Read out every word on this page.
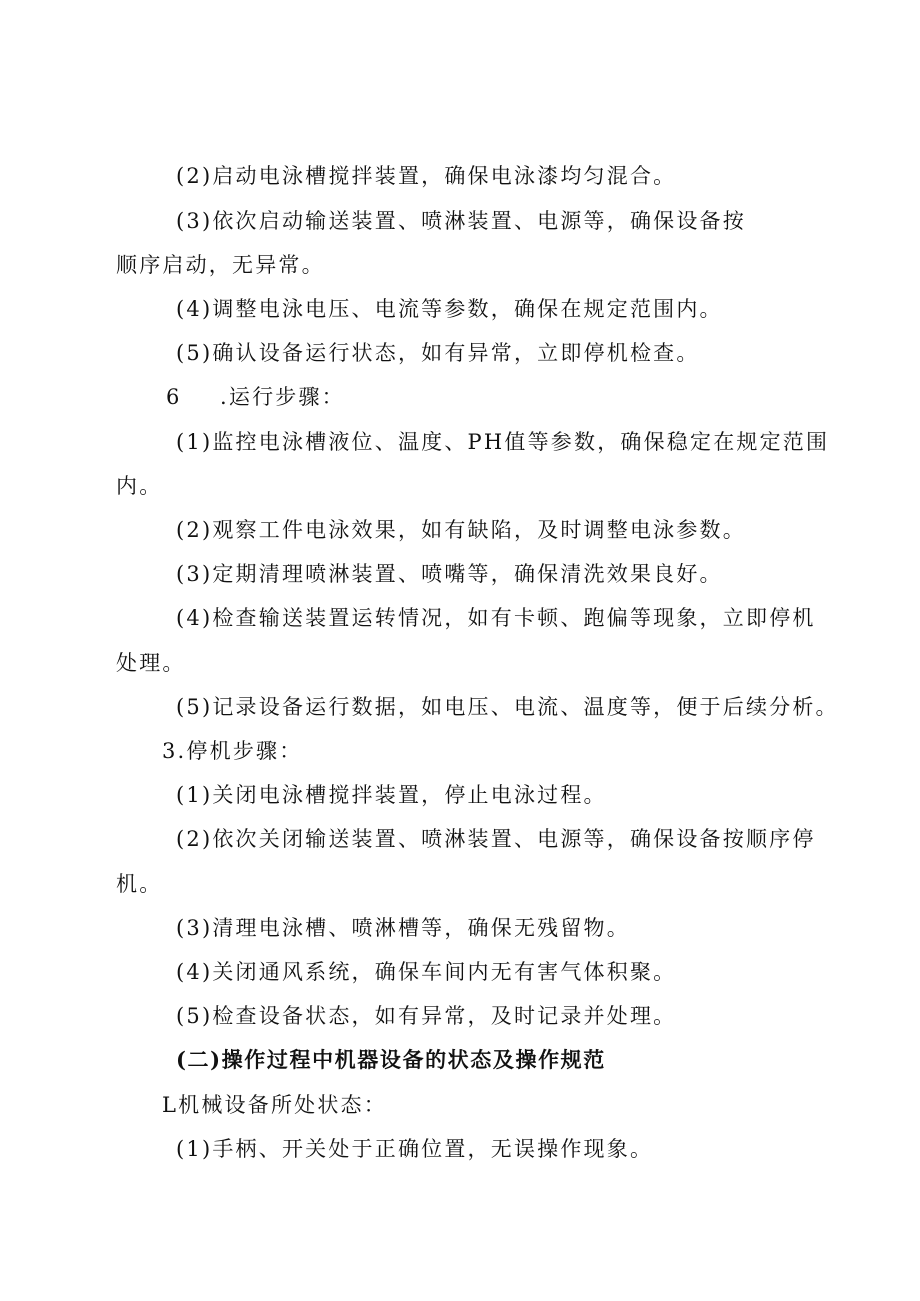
(2)启动电泳槽搅拌装置，确保电泳漆均匀混合。
(3)依次启动输送装置、喷淋装置、电源等，确保设备按
顺序启动，无异常。
(4)调整电泳电压、电流等参数，确保在规定范围内。
(5)确认设备运行状态，如有异常，立即停机检查。
6 .运行步骤：
(1)监控电泳槽液位、温度、PH值等参数，确保稳定在规定范围
内。
(2)观察工件电泳效果，如有缺陷，及时调整电泳参数。
(3)定期清理喷淋装置、喷嘴等，确保清洗效果良好。
(4)检查输送装置运转情况，如有卡顿、跑偏等现象，立即停机
处理。
(5)记录设备运行数据，如电压、电流、温度等，便于后续分析。
3.停机步骤：
(1)关闭电泳槽搅拌装置，停止电泳过程。
(2)依次关闭输送装置、喷淋装置、电源等，确保设备按顺序停
机。
(3)清理电泳槽、喷淋槽等，确保无残留物。
(4)关闭通风系统，确保车间内无有害气体积聚。
(5)检查设备状态，如有异常，及时记录并处理。
(二)操作过程中机器设备的状态及操作规范
L机械设备所处状态：
(1)手柄、开关处于正确位置，无误操作现象。
